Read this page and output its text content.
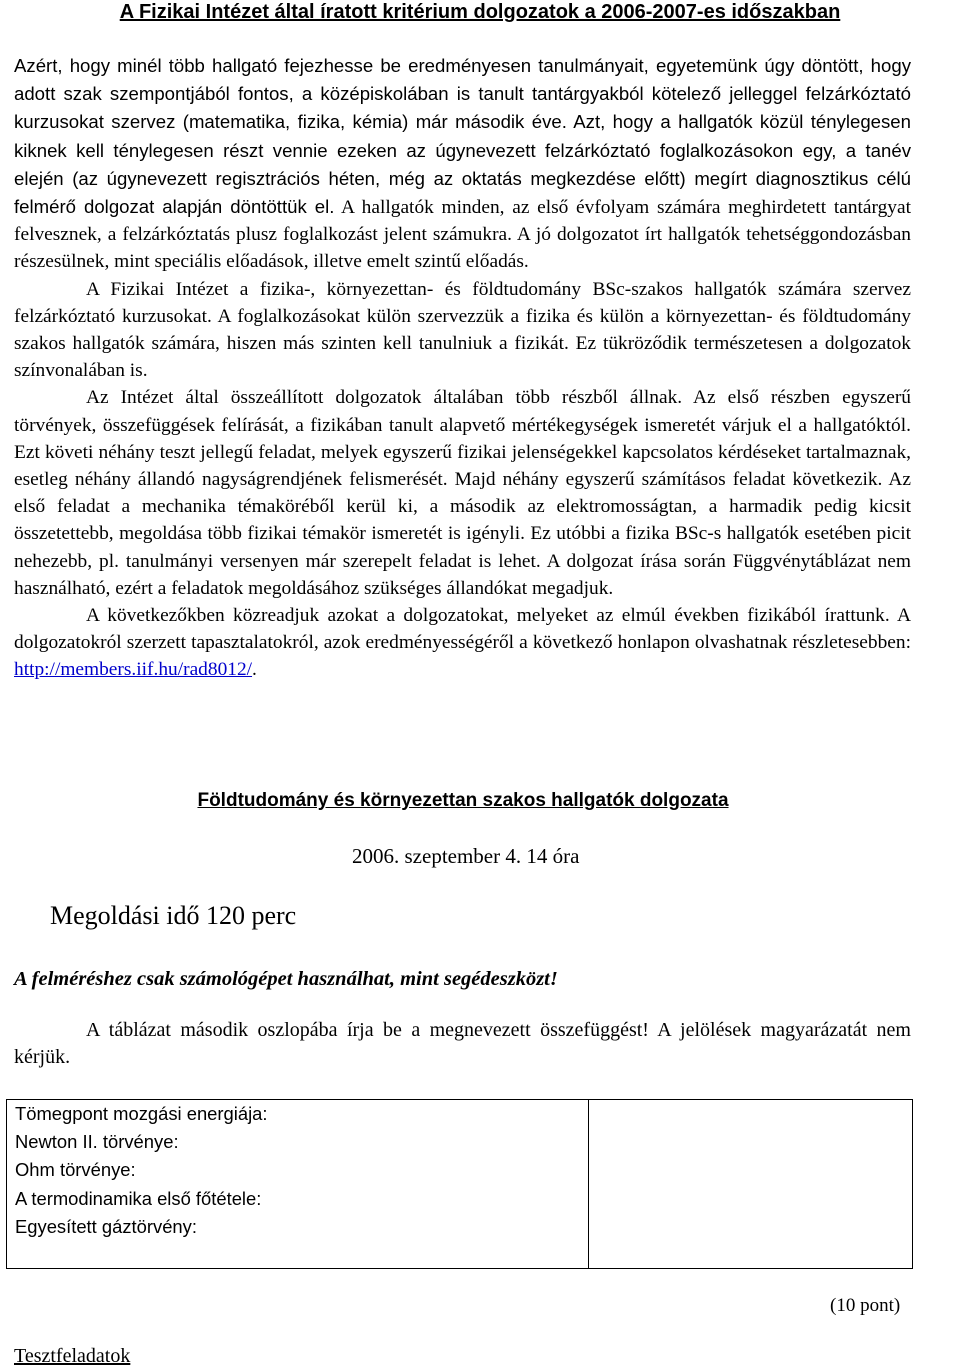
A Fizikai Intézet által íratott kritérium dolgozatok a 2006-2007-es időszakban

Azért, hogy minél több hallgató fejezhesse be eredményesen tanulmányait, egyetemünk úgy döntött, hogy adott szak szempontjából fontos, a középiskolában is tanult tantárgyakból kötelező jelleggel felzárkóztató kurzusokat szervez (matematika, fizika, kémia) már második éve. Azt, hogy a hallgatók közül ténylegesen kiknek kell ténylegesen részt vennie ezeken az úgynevezett felzárkóztató foglalkozásokon egy, a tanév elején (az úgynevezett regisztrációs héten, még az oktatás megkezdése előtt) megírt diagnosztikus célú felmérő dolgozat alapján döntöttük el. A hallgatók minden, az első évfolyam számára meghirdetett tantárgyat felvesznek, a felzárkóztatás plusz foglalkozást jelent számukra. A jó dolgozatot írt hallgatók tehetséggondozásban részesülnek, mint speciális előadások, illetve emelt szintű előadás.

A Fizikai Intézet a fizika-, környezettan- és földtudomány BSc-szakos hallgatók számára szervez felzárkóztató kurzusokat. A foglalkozásokat külön szervezzük a fizika és külön a környezettan- és földtudomány szakos hallgatók számára, hiszen más szinten kell tanulniuk a fizikát. Ez tükröződik természetesen a dolgozatok színvonalában is.

Az Intézet által összeállított dolgozatok általában több részből állnak. Az első részben egyszerű törvények, összefüggések felírását, a fizikában tanult alapvető mértékegységek ismeretét várjuk el a hallgatóktól. Ezt követi néhány teszt jellegű feladat, melyek egyszerű fizikai jelenségekkel kapcsolatos kérdéseket tartalmaznak, esetleg néhány állandó nagyságrendjének felismerését. Majd néhány egyszerű számításos feladat következik. Az első feladat a mechanika témaköréből kerül ki, a második az elektromosságtan, a harmadik pedig kicsit összetettebb, megoldása több fizikai témakör ismeretét is igényli. Ez utóbbi a fizika BSc-s hallgatók esetében picit nehezebb, pl. tanulmányi versenyen már szerepelt feladat is lehet. A dolgozat írása során Függvénytáblázat nem használható, ezért a feladatok megoldásához szükséges állandókat megadjuk.

A következőkben közreadjuk azokat a dolgozatokat, melyeket az elmúl években fizikából írattunk. A dolgozatokról szerzett tapasztalatokról, azok eredményességéről a következő honlapon olvashatnak részletesebben: http://members.iif.hu/rad8012/.

Földtudomány és környezettan szakos hallgatók dolgozata
2006. szeptember 4. 14 óra
Megoldási idő 120 perc
A felméréshez csak számológépet használhat, mint segédeszközt!
A táblázat második oszlopába írja be a megnevezett összefüggést! A jelölések magyarázatát nem kérjük.
Tömegpont mozgási energiája:
Newton II. törvénye:
Ohm törvénye:
A termodinamika első főtétele:
Egyesített gáztörvény:

(10 pont)
Tesztfeladatok
